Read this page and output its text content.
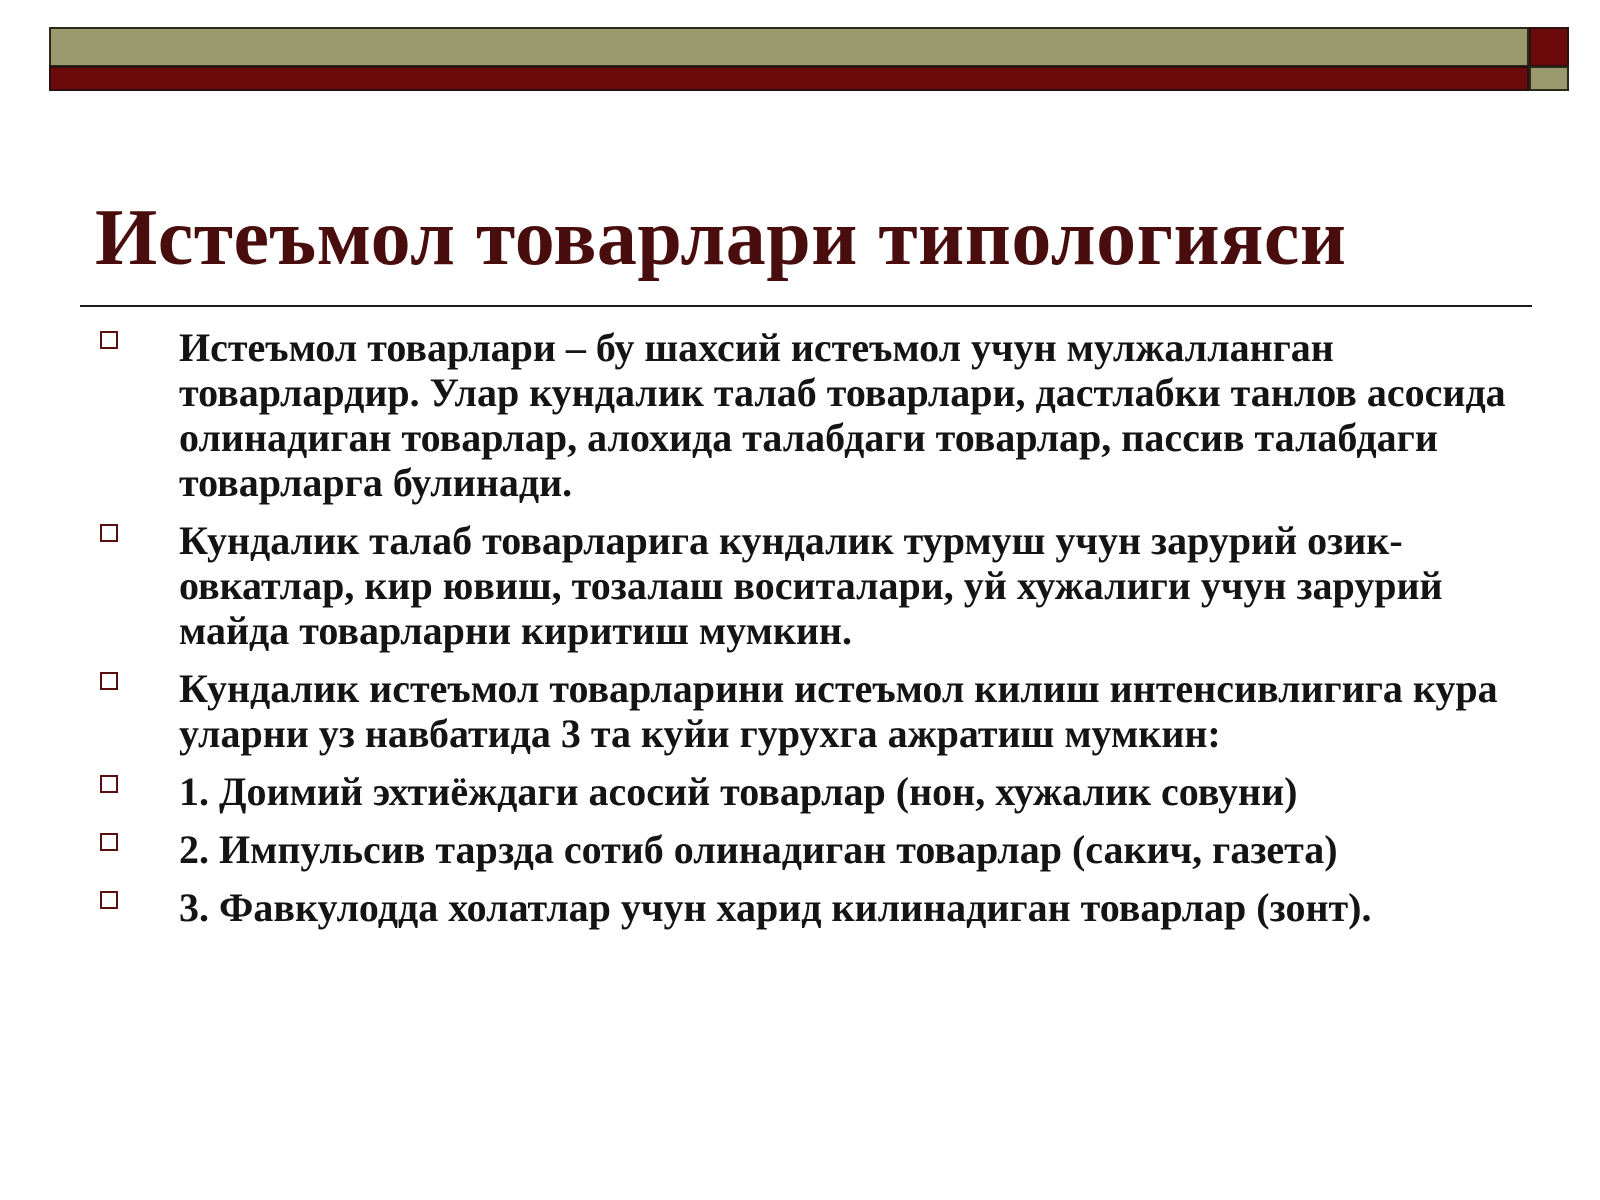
Истеъмол товарлари типологияси
Истеъмол товарлари – бу шахсий истеъмол учун мулжалланган товарлардир. Улар кундалик талаб товарлари, дастлабки танлов асосида олинадиган товарлар, алохида талабдаги товарлар, пассив талабдаги товарларга булинади.
Кундалик талаб товарларига кундалик турмуш учун зарурий озик-овкатлар, кир ювиш, тозалаш воситалари, уй хужалиги учун зарурий майда товарларни киритиш мумкин.
Кундалик истеъмол товарларини истеъмол килиш интенсивлигига кура уларни уз навбатида 3 та куйи гурухга ажратиш мумкин:
1. Доимий эхтиёждаги асосий товарлар (нон, хужалик совуни)
2. Импульсив тарзда сотиб олинадиган товарлар (сакич, газета)
3. Фавкулодда холатлар учун харид килинадиган товарлар (зонт).
